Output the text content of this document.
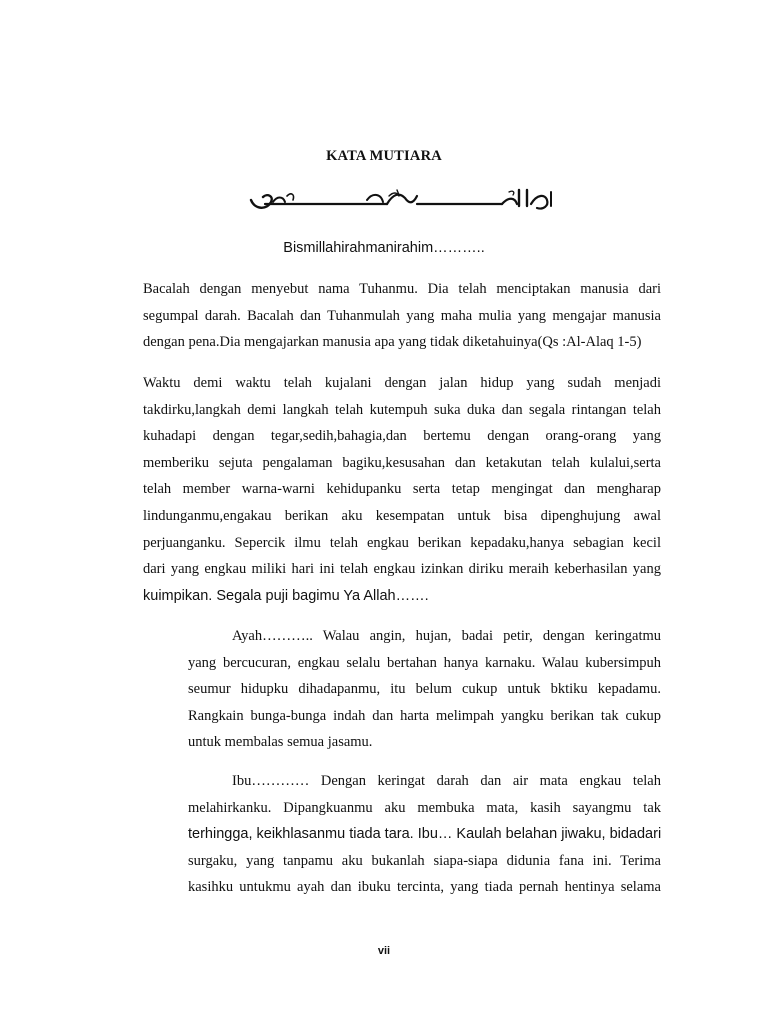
KATA MUTIARA
Bismillahirahmanirahim………..
Bacalah dengan menyebut nama Tuhanmu. Dia telah menciptakan manusia dari
segumpal darah. Bacalah dan Tuhanmulah yang maha mulia yang mengajar manusia
dengan pena.Dia mengajarkan manusia apa yang tidak diketahuinya(Qs :Al-Alaq 1-5)
Waktu demi waktu telah kujalani dengan jalan hidup yang sudah menjadi
takdirku,langkah demi langkah telah kutempuh suka duka dan segala rintangan telah
kuhadapi dengan tegar,sedih,bahagia,dan bertemu dengan orang-orang yang
memberiku sejuta pengalaman bagiku,kesusahan dan ketakutan telah kulalui,serta
telah member warna-warni kehidupanku serta tetap mengingat dan mengharap
lindunganmu,engakau berikan aku kesempatan untuk bisa dipenghujung awal
perjuanganku. Sepercik ilmu telah engkau berikan kepadaku,hanya sebagian kecil
dari yang engkau miliki hari ini telah engkau izinkan diriku meraih keberhasilan yang
kuimpikan. Segala puji bagimu Ya Allah…….
Ayah……….. Walau angin, hujan, badai petir, dengan keringatmu
yang bercucuran, engkau selalu bertahan hanya karnaku. Walau kubersimpuh
seumur hidupku dihadapanmu, itu belum cukup untuk bktiku kepadamu.
Rangkain bunga-bunga indah dan harta melimpah yangku berikan tak cukup
untuk membalas semua jasamu.
Ibu………… Dengan keringat darah dan air mata engkau telah
melahirkanku. Dipangkuanmu aku membuka mata, kasih sayangmu tak
terhingga, keikhlasanmu tiada tara. Ibu… Kaulah belahan jiwaku, bidadari
surgaku, yang tanpamu aku bukanlah siapa-siapa didunia fana ini. Terima
kasihku untukmu ayah dan ibuku tercinta, yang tiada pernah hentinya selama
vii
